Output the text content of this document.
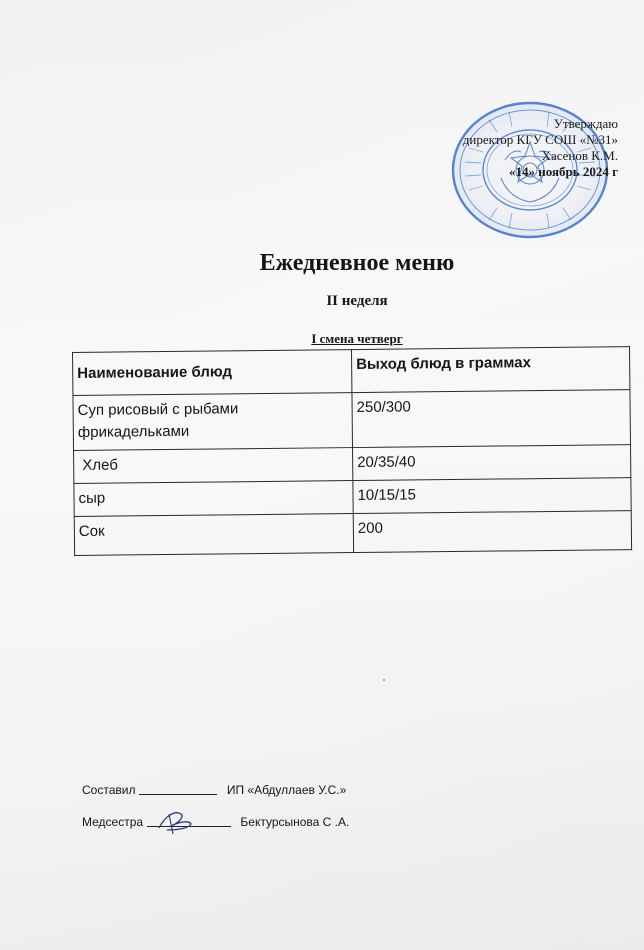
Утверждаю
директор КГУ СОШ «№31»
Хасенов К.М.
«14» ноябрь 2024 г
Ежедневное меню
II неделя
I смена четверг
Наименование блюд	Выход блюд в граммах
Суп рисовый с рыбами фрикадельками	250/300
Хлеб	20/35/40
сыр	10/15/15
Сок	200
Составил	ИП «Абдуллаев У.С.»
Медсестра	Бектурсынова С .А.
